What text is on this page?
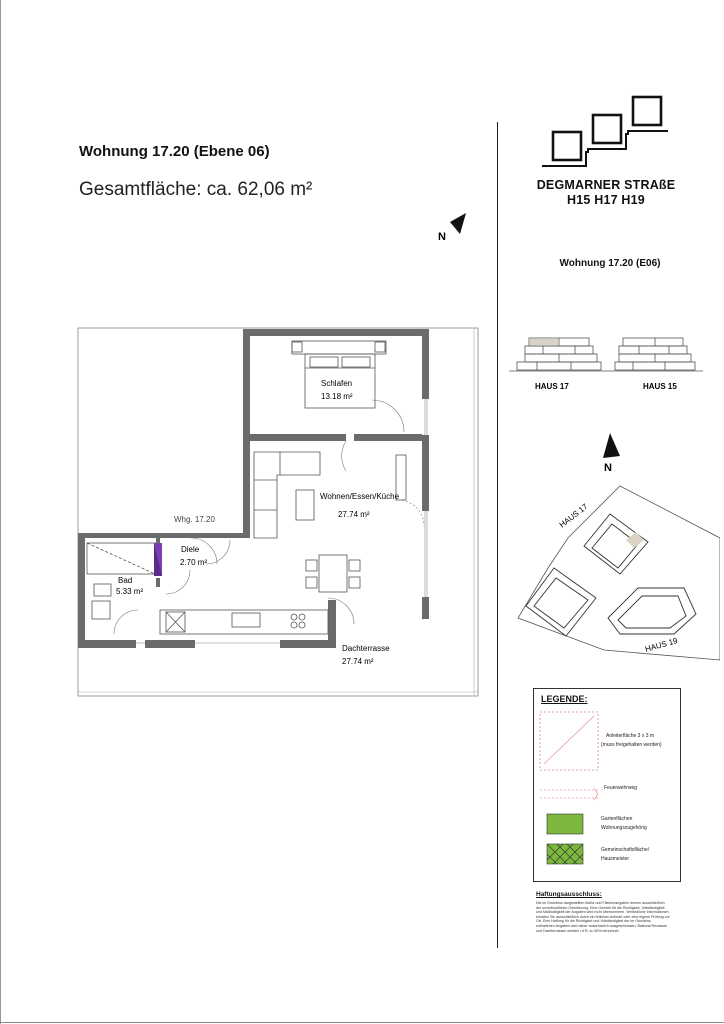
Wohnung 17.20 (Ebene 06)
Gesamtfläche: ca. 62,06 m²
N
Schlafen
13.18 m²
Wohnen/Essen/Küche
27.74 m²
Diele
2.70 m²
Bad
5.33 m²
Dachterrasse
27.74 m²
Whg. 17.20
DEGMARNER STRAßE
H15 H17 H19
Wohnung 17.20 (E06)
HAUS 17	HAUS 15
N
HAUS 17
HAUS 19
LEGENDE:
Anleiterfläche 3 x 3 m
(muss freigehalten werden)
Feuerwehrweg
Gartenflächen
Wohnungszugehörig
Gemeinschaftsfläche/
Hausmeister
Haftungsausschluss:
Die im Grundriss dargestellten Maße und Flächenangaben dienen ausschließlich der unverbindlichen Orientierung. Eine Gewähr für die Richtigkeit, Vollständigkeit und Maßhaltigkeit der Angaben wird nicht übernommen. Verbindliche Informationen erhalten Sie ausschließlich durch ein örtliches Aufmaß oder eine eigene Prüfung vor Ort. Eine Haftung für die Richtigkeit und Vollständigkeit der im Grundriss enthaltenen Angaben wird daher ausdrücklich ausgeschlossen. Balkone/Terrassen und Dachterrassen werden i.d.R. zu 50% berechnet.
